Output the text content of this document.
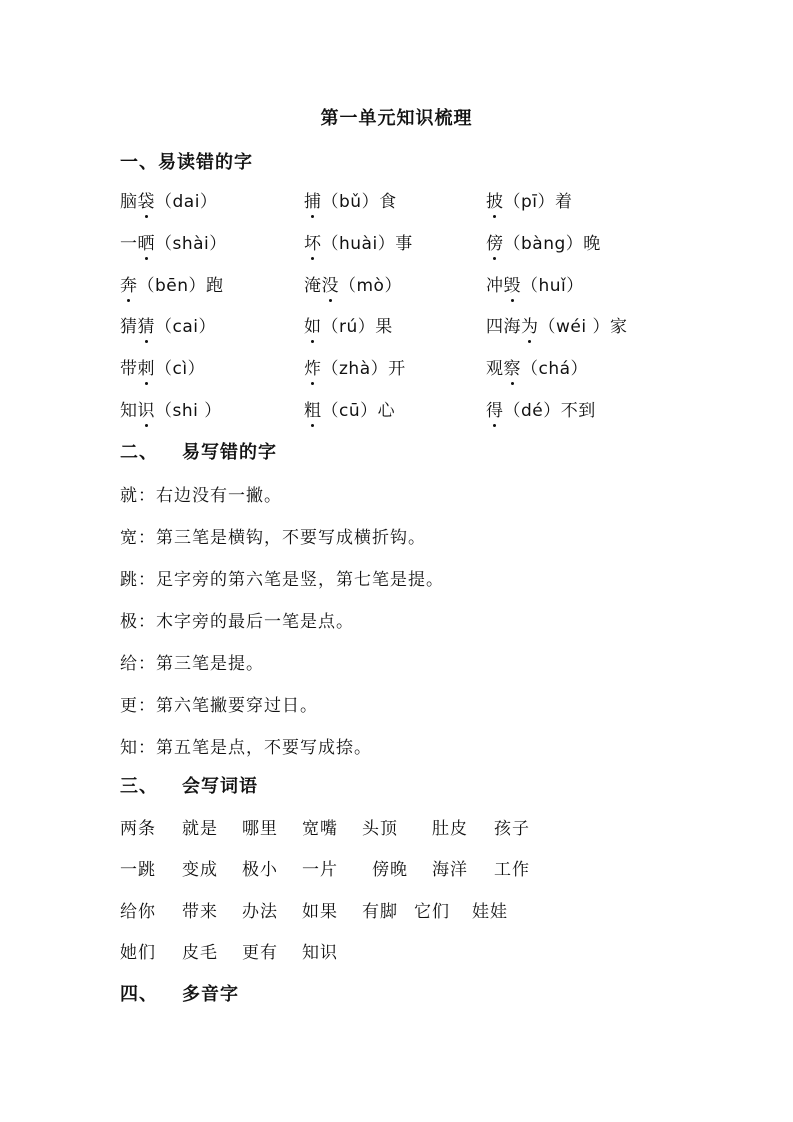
第一单元知识梳理
一、易读错的字
脑袋（dai）	捕（bǔ）食	披（pī）着
一晒（shài）	坏（huài）事	傍（bàng）晚
奔（bēn）跑	淹没（mò）	冲毁（huǐ）
猜猜（cai）	如（rú）果	四海为（wéi ）家
带刺（cì）	炸（zhà）开	观察（chá）
知识（shi ）	粗（cū）心	得（dé）不到
二、 易写错的字
就：右边没有一撇。
宽：第三笔是横钩，不要写成横折钩。
跳：足字旁的第六笔是竖，第七笔是提。
极：木字旁的最后一笔是点。
给：第三笔是提。
更：第六笔撇要穿过日。
知：第五笔是点，不要写成捺。
三、 会写词语
两条 就是 哪里 宽嘴 头顶 肚皮 孩子
一跳 变成 极小 一片 傍晚 海洋 工作
给你 带来 办法 如果 有脚 它们 娃娃
她们 皮毛 更有 知识
四、 多音字
